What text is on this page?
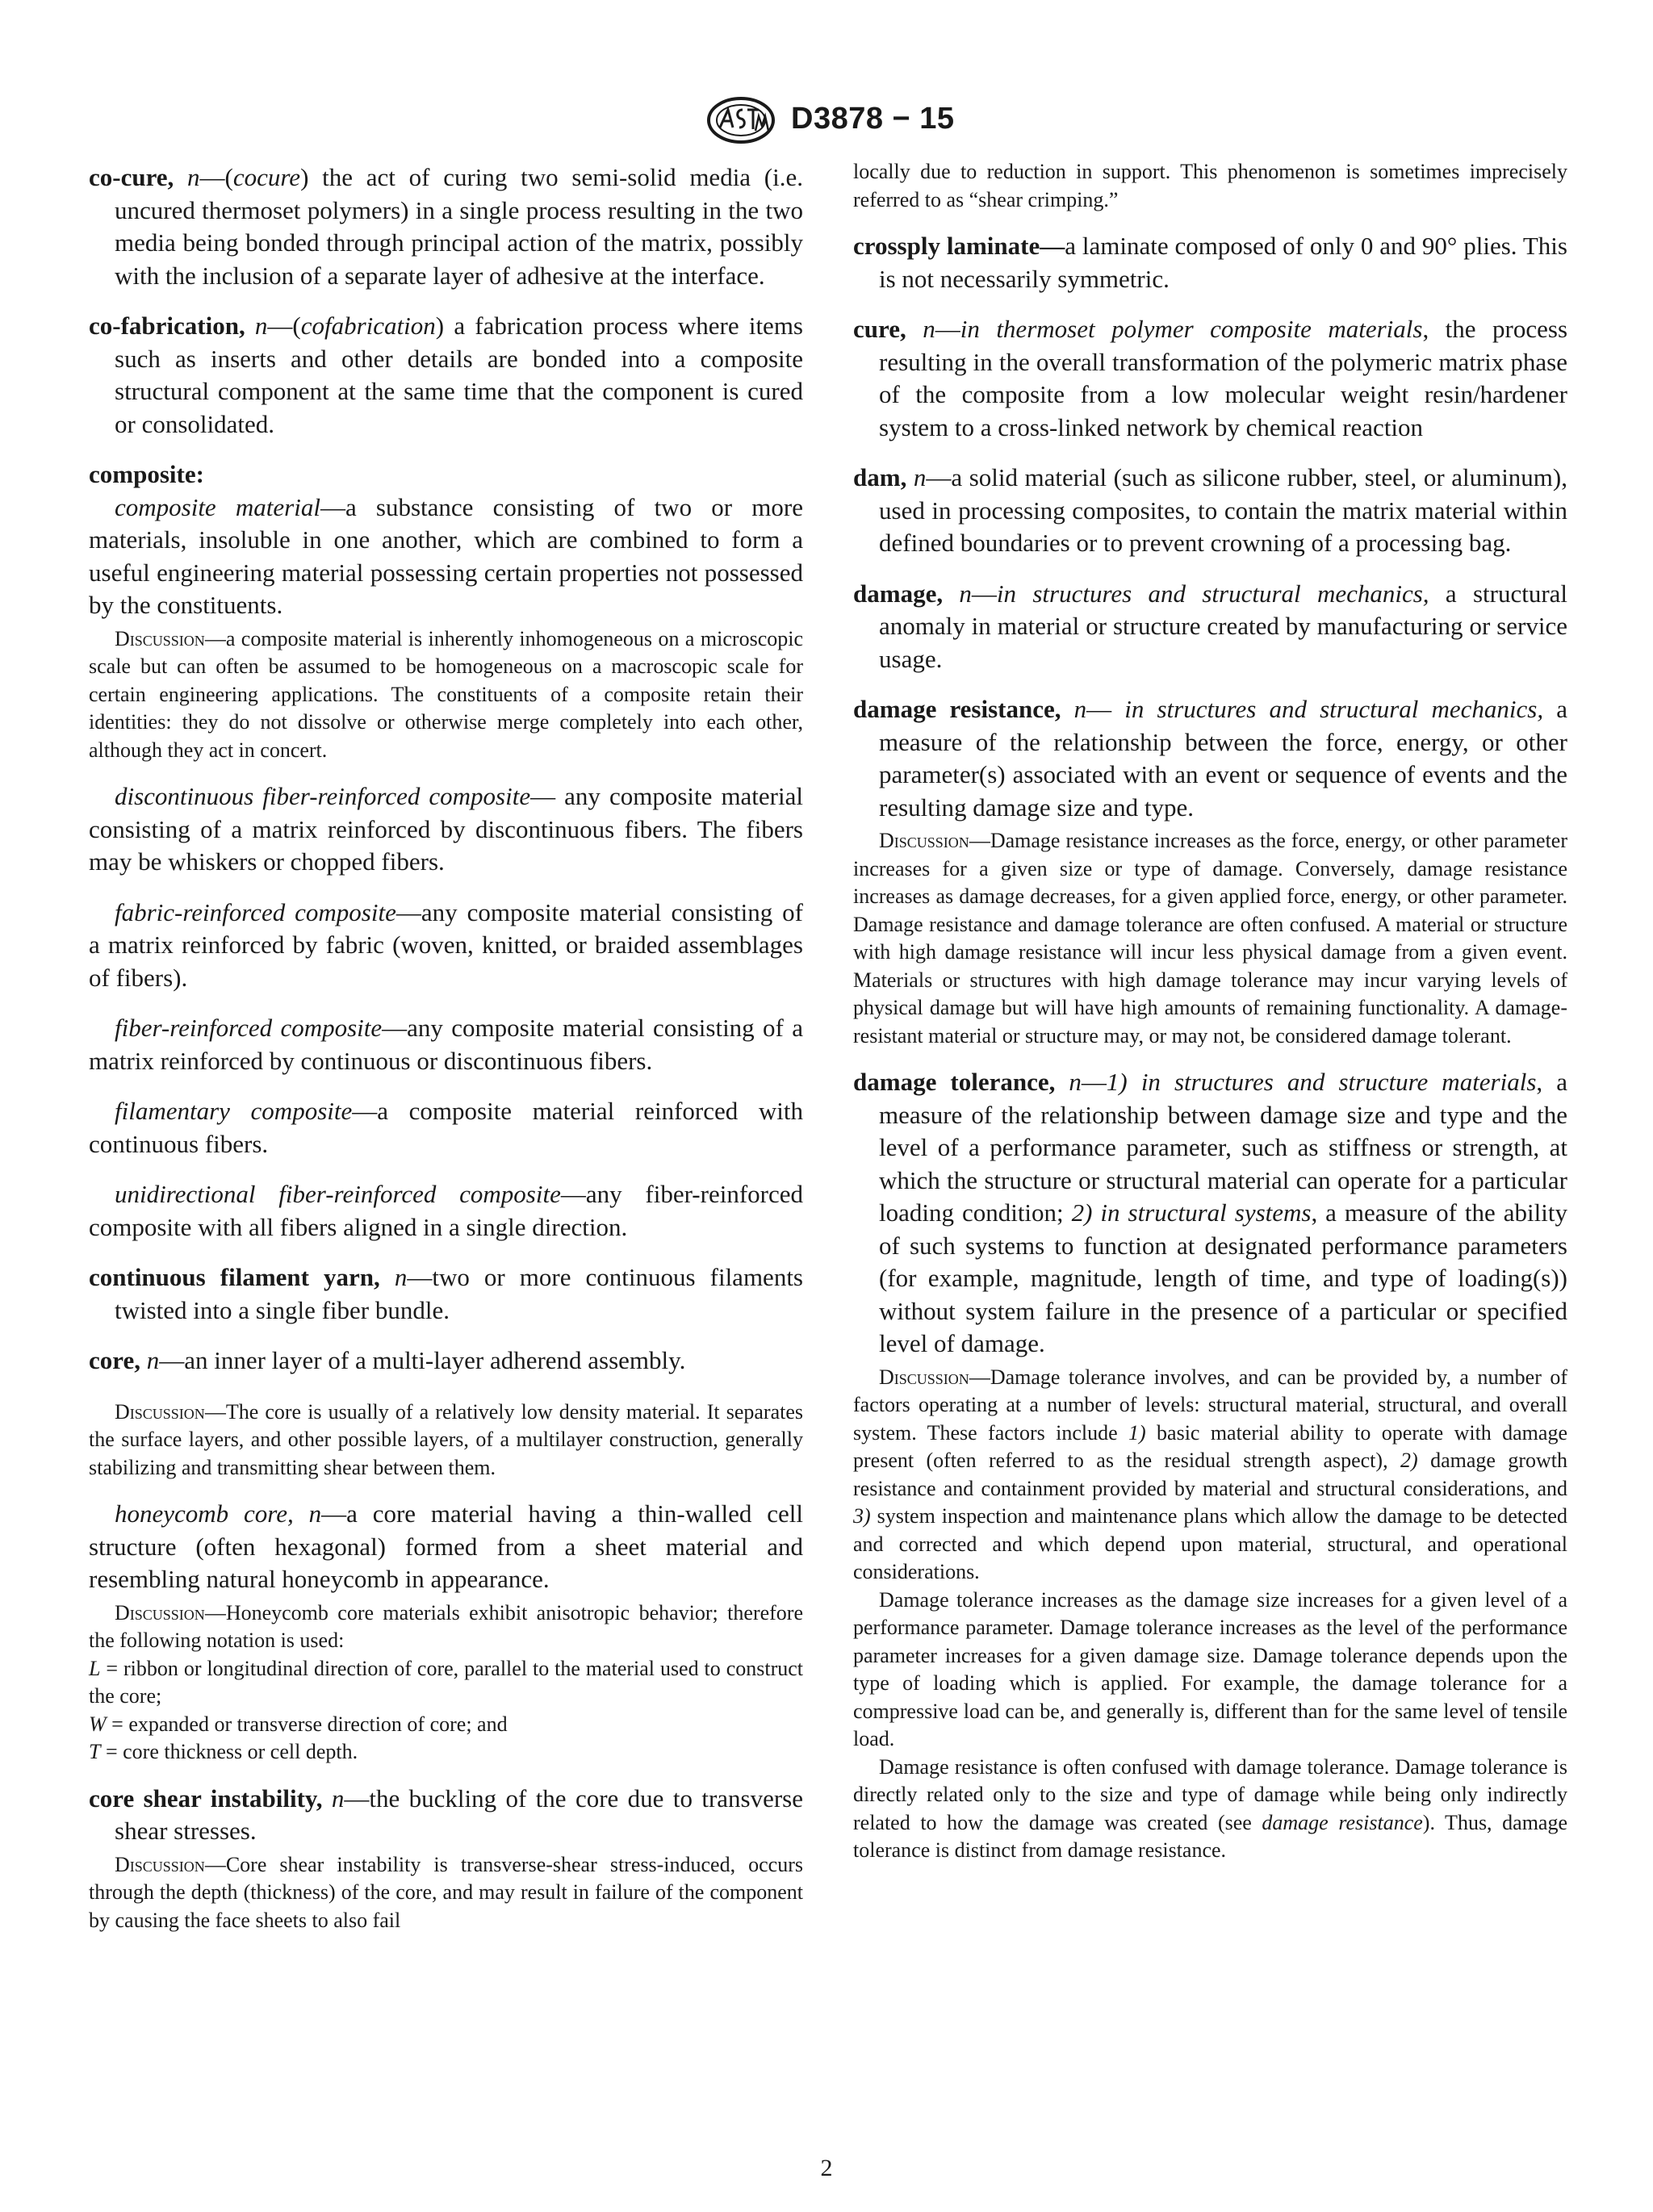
D3878 − 15

co-cure, n—(cocure) the act of curing two semi-solid media (i.e. uncured thermoset polymers) in a single process resulting in the two media being bonded through principal action of the matrix, possibly with the inclusion of a separate layer of adhesive at the interface.

co-fabrication, n—(cofabrication) a fabrication process where items such as inserts and other details are bonded into a composite structural component at the same time that the component is cured or consolidated.

composite:

composite material—a substance consisting of two or more materials, insoluble in one another, which are combined to form a useful engineering material possessing certain properties not possessed by the constituents.

Discussion—a composite material is inherently inhomogeneous on a microscopic scale but can often be assumed to be homogeneous on a macroscopic scale for certain engineering applications. The constituents of a composite retain their identities: they do not dissolve or otherwise merge completely into each other, although they act in concert.

discontinuous fiber-reinforced composite— any composite material consisting of a matrix reinforced by discontinuous fibers. The fibers may be whiskers or chopped fibers.

fabric-reinforced composite—any composite material consisting of a matrix reinforced by fabric (woven, knitted, or braided assemblages of fibers).

fiber-reinforced composite—any composite material consisting of a matrix reinforced by continuous or discontinuous fibers.

filamentary composite—a composite material reinforced with continuous fibers.

unidirectional fiber-reinforced composite—any fiber-reinforced composite with all fibers aligned in a single direction.

continuous filament yarn, n—two or more continuous filaments twisted into a single fiber bundle.

core, n—an inner layer of a multi-layer adherend assembly.

Discussion—The core is usually of a relatively low density material. It separates the surface layers, and other possible layers, of a multilayer construction, generally stabilizing and transmitting shear between them.

honeycomb core, n—a core material having a thin-walled cell structure (often hexagonal) formed from a sheet material and resembling natural honeycomb in appearance.

Discussion—Honeycomb core materials exhibit anisotropic behavior; therefore the following notation is used:

L = ribbon or longitudinal direction of core, parallel to the material used to construct the core;

W = expanded or transverse direction of core; and

T = core thickness or cell depth.

core shear instability, n—the buckling of the core due to transverse shear stresses.

Discussion—Core shear instability is transverse-shear stress-induced, occurs through the depth (thickness) of the core, and may result in failure of the component by causing the face sheets to also fail

locally due to reduction in support. This phenomenon is sometimes imprecisely referred to as “shear crimping.”

crossply laminate—a laminate composed of only 0 and 90° plies. This is not necessarily symmetric.

cure, n—in thermoset polymer composite materials, the process resulting in the overall transformation of the polymeric matrix phase of the composite from a low molecular weight resin/hardener system to a cross-linked network by chemical reaction

dam, n—a solid material (such as silicone rubber, steel, or aluminum), used in processing composites, to contain the matrix material within defined boundaries or to prevent crowning of a processing bag.

damage, n—in structures and structural mechanics, a structural anomaly in material or structure created by manufacturing or service usage.

damage resistance, n— in structures and structural mechanics, a measure of the relationship between the force, energy, or other parameter(s) associated with an event or sequence of events and the resulting damage size and type.

Discussion—Damage resistance increases as the force, energy, or other parameter increases for a given size or type of damage. Conversely, damage resistance increases as damage decreases, for a given applied force, energy, or other parameter. Damage resistance and damage tolerance are often confused. A material or structure with high damage resistance will incur less physical damage from a given event. Materials or structures with high damage tolerance may incur varying levels of physical damage but will have high amounts of remaining functionality. A damage-resistant material or structure may, or may not, be considered damage tolerant.

damage tolerance, n—1) in structures and structure materials, a measure of the relationship between damage size and type and the level of a performance parameter, such as stiffness or strength, at which the structure or structural material can operate for a particular loading condition; 2) in structural systems, a measure of the ability of such systems to function at designated performance parameters (for example, magnitude, length of time, and type of loading(s)) without system failure in the presence of a particular or specified level of damage.

Discussion—Damage tolerance involves, and can be provided by, a number of factors operating at a number of levels: structural material, structural, and overall system. These factors include 1) basic material ability to operate with damage present (often referred to as the residual strength aspect), 2) damage growth resistance and containment provided by material and structural considerations, and 3) system inspection and maintenance plans which allow the damage to be detected and corrected and which depend upon material, structural, and operational considerations.

Damage tolerance increases as the damage size increases for a given level of a performance parameter. Damage tolerance increases as the level of the performance parameter increases for a given damage size. Damage tolerance depends upon the type of loading which is applied. For example, the damage tolerance for a compressive load can be, and generally is, different than for the same level of tensile load.

Damage resistance is often confused with damage tolerance. Damage tolerance is directly related only to the size and type of damage while being only indirectly related to how the damage was created (see damage resistance). Thus, damage tolerance is distinct from damage resistance.

2
